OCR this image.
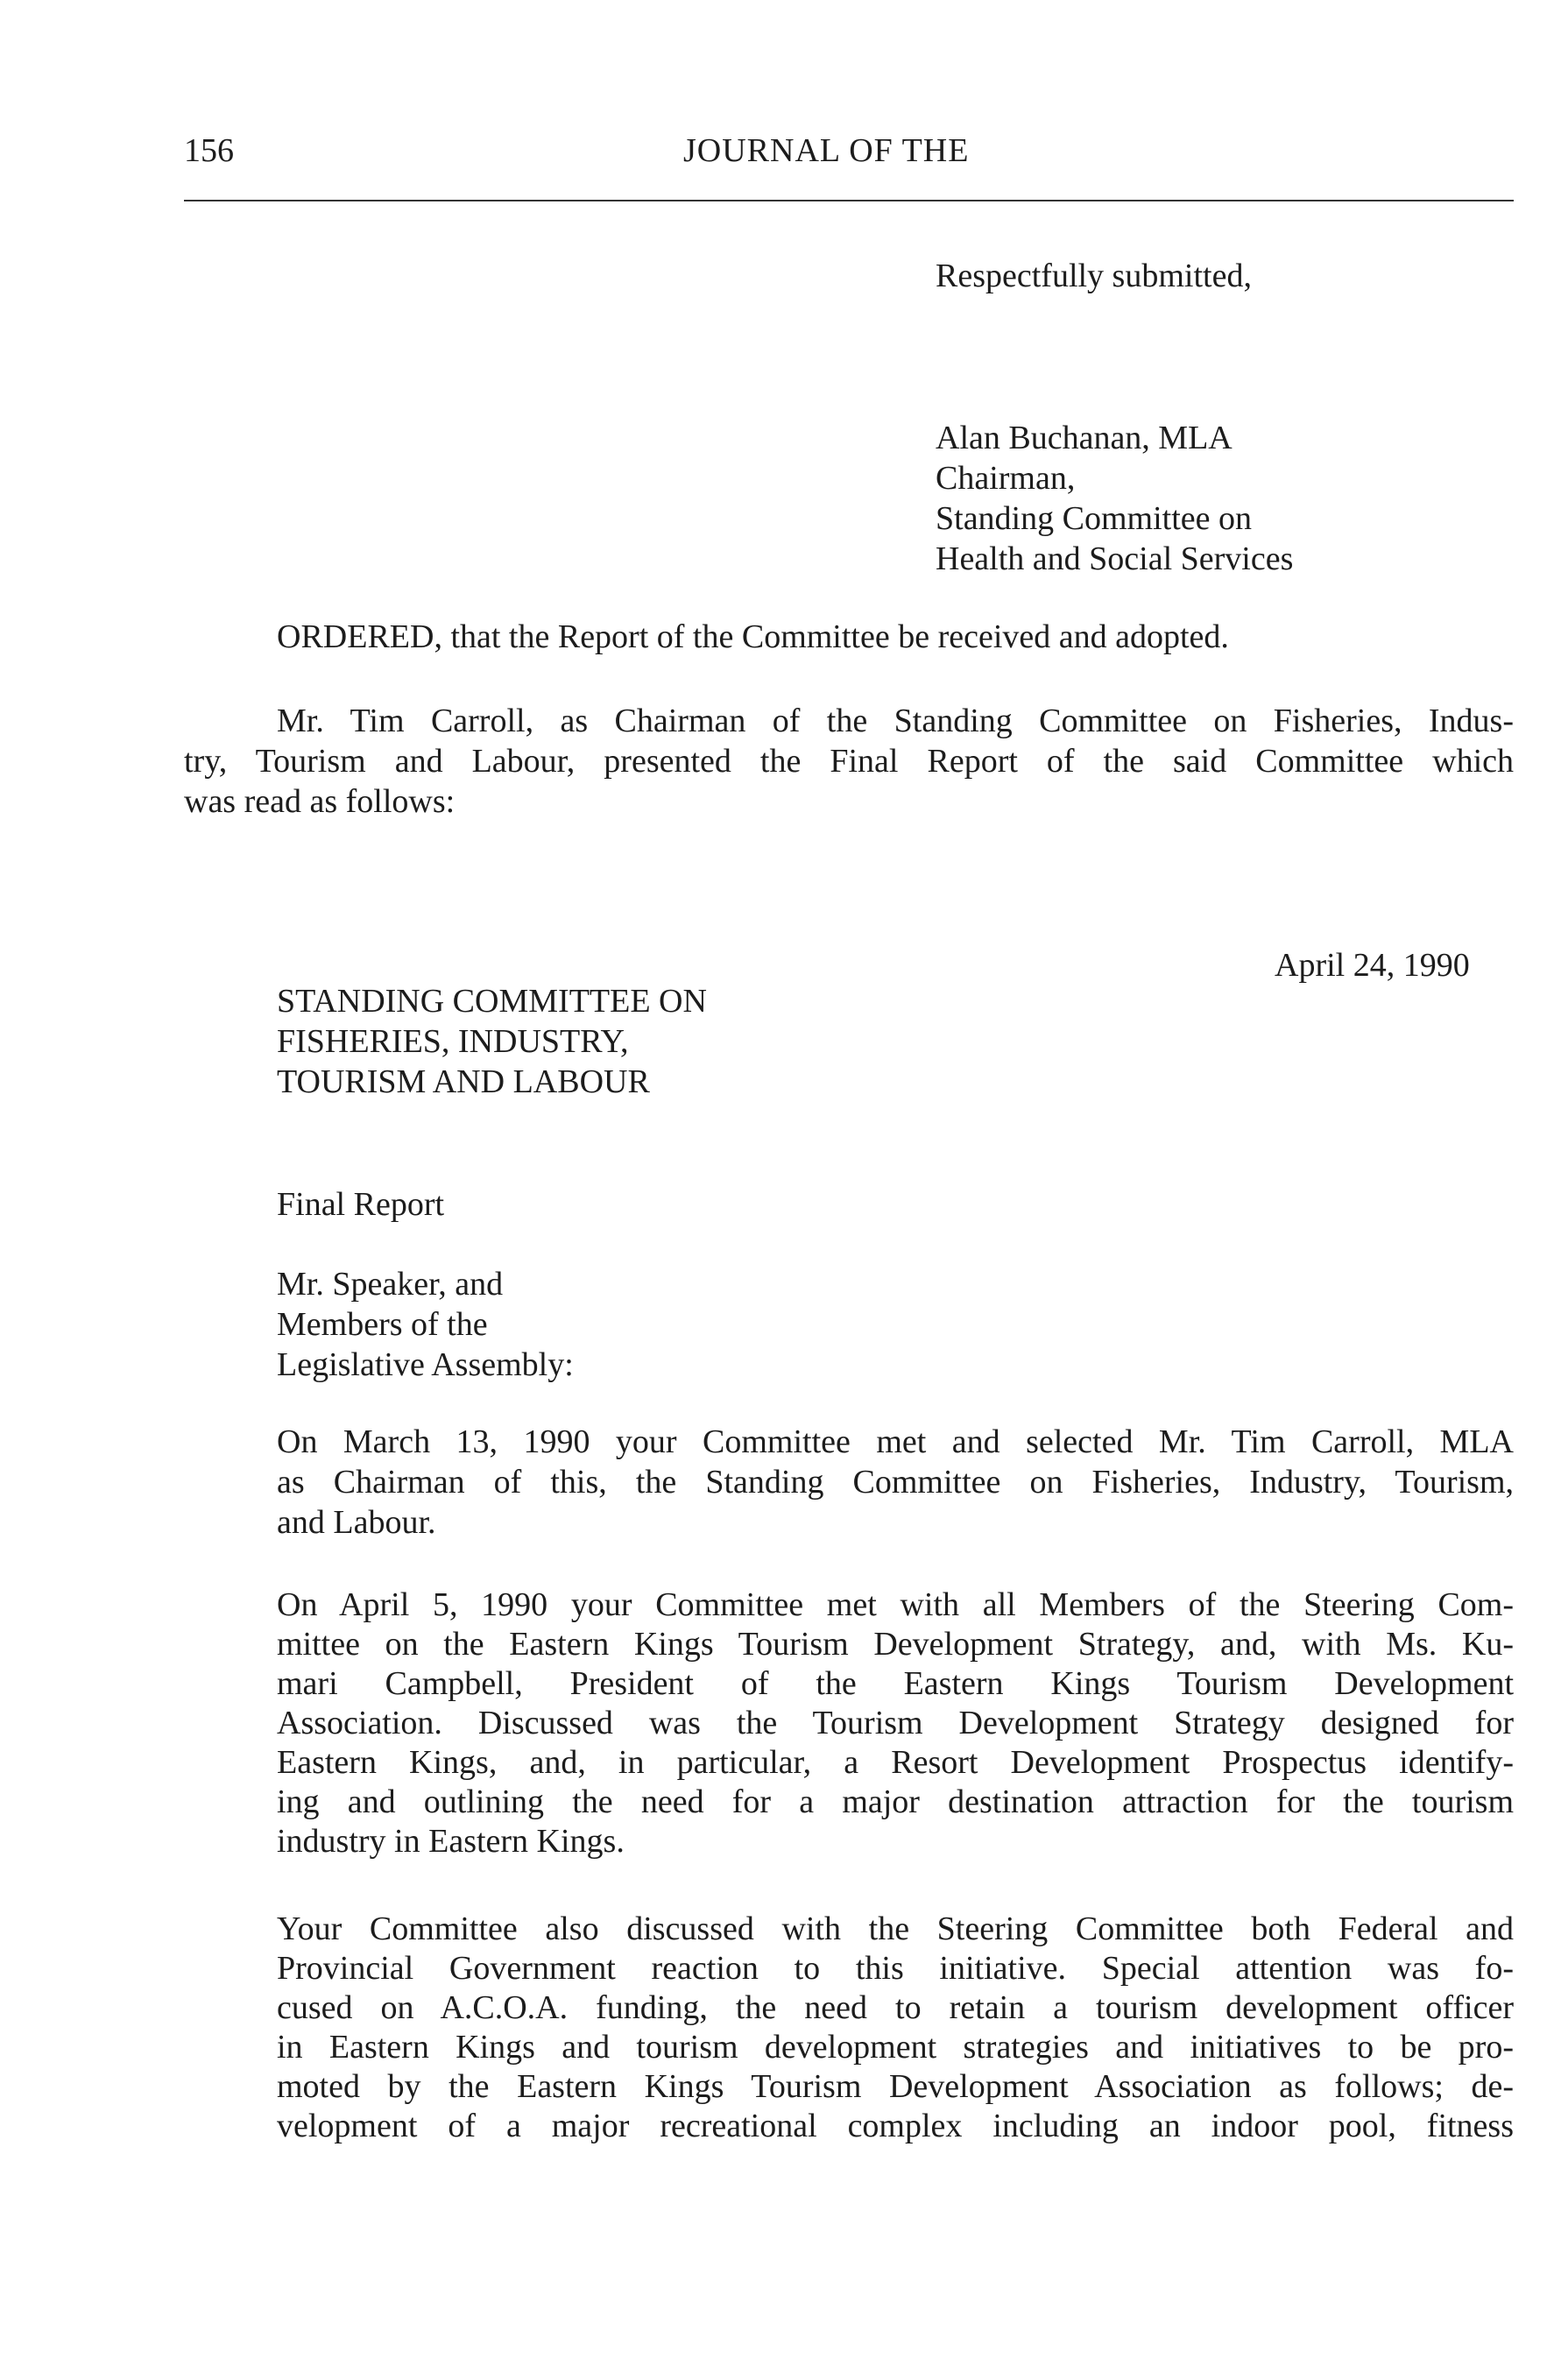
156	JOURNAL OF THE
Respectfully submitted,
Alan Buchanan, MLA
Chairman,
Standing Committee on
Health and Social Services
ORDERED, that the Report of the Committee be received and adopted.
Mr. Tim Carroll, as Chairman of the Standing Committee on Fisheries, Indus-
try, Tourism and Labour, presented the Final Report of the said Committee which
was read as follows:
April 24, 1990
STANDING COMMITTEE ON
FISHERIES, INDUSTRY,
TOURISM AND LABOUR
Final Report
Mr. Speaker, and
Members of the
Legislative Assembly:
On March 13, 1990 your Committee met and selected Mr. Tim Carroll, MLA
as Chairman of this, the Standing Committee on Fisheries, Industry, Tourism,
and Labour.
On April 5, 1990 your Committee met with all Members of the Steering Com-
mittee on the Eastern Kings Tourism Development Strategy, and, with Ms. Ku-
mari Campbell, President of the Eastern Kings Tourism Development
Association. Discussed was the Tourism Development Strategy designed for
Eastern Kings, and, in particular, a Resort Development Prospectus identify-
ing and outlining the need for a major destination attraction for the tourism
industry in Eastern Kings.
Your Committee also discussed with the Steering Committee both Federal and
Provincial Government reaction to this initiative. Special attention was fo-
cused on A.C.O.A. funding, the need to retain a tourism development officer
in Eastern Kings and tourism development strategies and initiatives to be pro-
moted by the Eastern Kings Tourism Development Association as follows; de-
velopment of a major recreational complex including an indoor pool, fitness
